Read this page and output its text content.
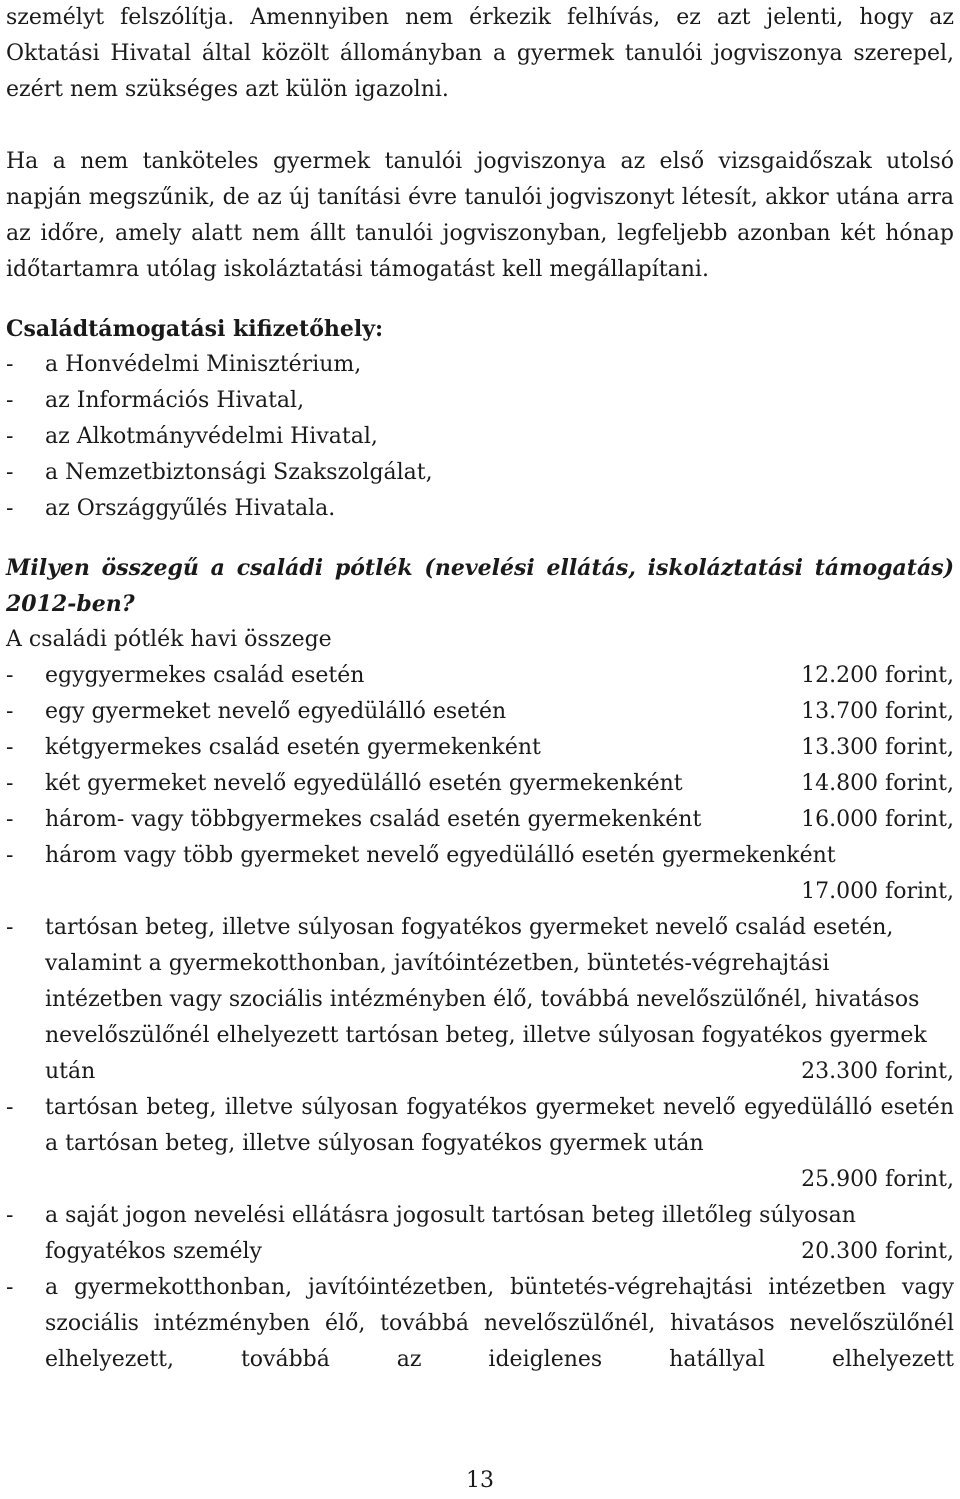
személyt felszólítja. Amennyiben nem érkezik felhívás, ez azt jelenti, hogy az Oktatási Hivatal által közölt állományban a gyermek tanulói jogviszonya szerepel, ezért nem szükséges azt külön igazolni.

Ha a nem tanköteles gyermek tanulói jogviszonya az első vizsgaidőszak utolsó napján megszűnik, de az új tanítási évre tanulói jogviszonyt létesít, akkor utána arra az időre, amely alatt nem állt tanulói jogviszonyban, legfeljebb azonban két hónap időtartamra utólag iskoláztatási támogatást kell megállapítani.

Családtámogatási kifizetőhely:

- a Honvédelmi Minisztérium,
- az Információs Hivatal,
- az Alkotmányvédelmi Hivatal,
- a Nemzetbiztonsági Szakszolgálat,
- az Országgyűlés Hivatala.

Milyen összegű a családi pótlék (nevelési ellátás, iskoláztatási támogatás) 2012-ben?

A családi pótlék havi összege

- egygyermekes család esetén	12.200 forint,
- egy gyermeket nevelő egyedülálló esetén	13.700 forint,
- kétgyermekes család esetén gyermekenként	13.300 forint,
- két gyermeket nevelő egyedülálló esetén gyermekenként	14.800 forint,
- három- vagy többgyermekes család esetén gyermekenként	16.000 forint,
- három vagy több gyermeket nevelő egyedülálló esetén gyermekenként
17.000 forint,
- tartósan beteg, illetve súlyosan fogyatékos gyermeket nevelő család esetén, valamint a gyermekotthonban, javítóintézetben, büntetés-végrehajtási intézetben vagy szociális intézményben élő, továbbá nevelőszülőnél, hivatásos nevelőszülőnél elhelyezett tartósan beteg, illetve súlyosan fogyatékos gyermek után	23.300 forint,
- tartósan beteg, illetve súlyosan fogyatékos gyermeket nevelő egyedülálló esetén a tartósan beteg, illetve súlyosan fogyatékos gyermek után
25.900 forint,
- a saját jogon nevelési ellátásra jogosult tartósan beteg illetőleg súlyosan fogyatékos személy	20.300 forint,
- a gyermekotthonban, javítóintézetben, büntetés-végrehajtási intézetben vagy szociális intézményben élő, továbbá nevelőszülőnél, hivatásos nevelőszülőnél elhelyezett, továbbá az ideiglenes hatállyal elhelyezett
13
